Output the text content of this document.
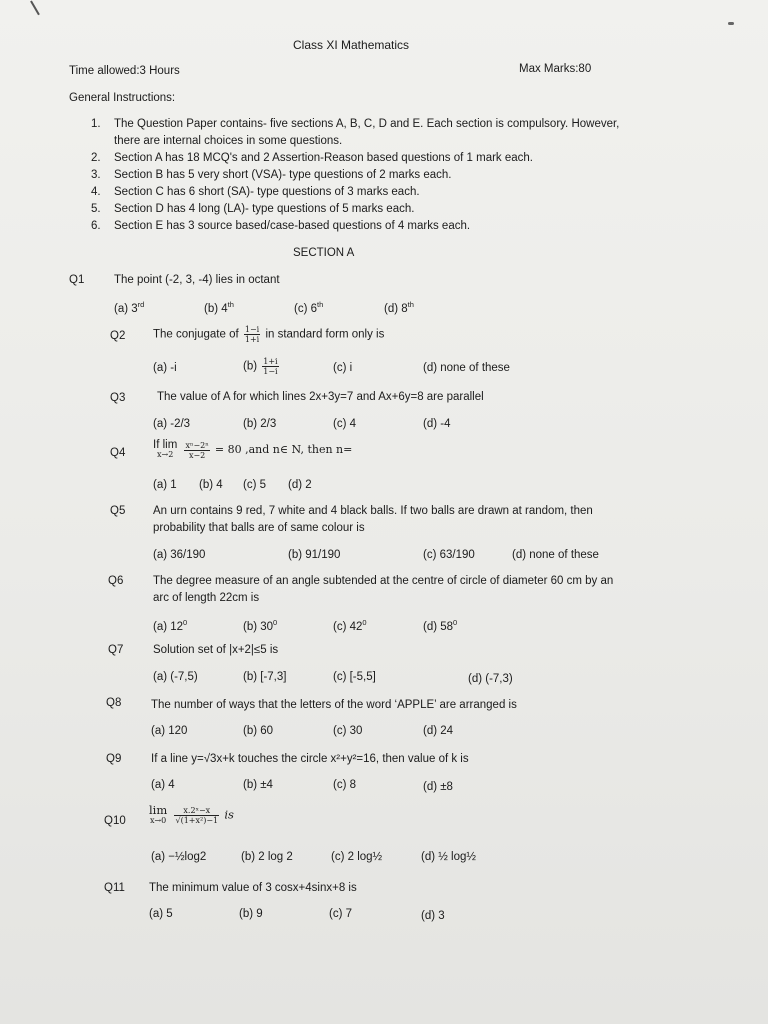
Class XI Mathematics
Time allowed:3 Hours	Max Marks:80
General Instructions:
1. The Question Paper contains- five sections A, B, C, D and E. Each section is compulsory. However,
there are internal choices in some questions.
2. Section A has 18 MCQ's and 2 Assertion-Reason based questions of 1 mark each.
3. Section B has 5 very short (VSA)- type questions of 2 marks each.
4. Section C has 6 short (SA)- type questions of 3 marks each.
5. Section D has 4 long (LA)- type questions of 5 marks each.
6. Section E has 3 source based/case-based questions of 4 marks each.
SECTION A
Q1	The point (-2, 3, -4) lies in octant
(a) 3rd	(b) 4th	(c) 6th	(d) 8th
Q2 The conjugate of $\frac{1-i}{1+i}$ in standard form only is
(a) -i	$(b) \frac{1+i}{1-i}$	(c) i	(d) none of these
Q3	The value of A for which lines 2x+3y=7 and Ax+6y=8 are parallel
(a) -2/3	(b) 2/3	(c) 4	(d) -4
Q4
If lim
x→2
	$\frac{\text{xⁿ−2ⁿ}}{x-2} = 80$ ,and n∈ N, then n=
(a) 1 (b) 4 (c) 5 (d) 2
Q5 An urn contains 9 red, 7 white and 4 black balls. If two balls are drawn at random, then
probability that balls are of same colour is
(a) 36/190	(b) 91/190	(c) 63/190	(d) none of these
Q6	The degree measure of an angle subtended at the centre of circle of diameter 60 cm by an
arc of length 22cm is
(a) $12^0$	(b) $30^0$	(c) $42^0$	(d) $58^0$
Q7	Solution set of |x+2|≤5 is
(a) (-7,5)	(b) [-7,3]	(c) [-5,5]	(d) (-7,3)
Q8	The number of ways that the letters of the word ‘APPLE’ are arranged is
(a) 120	(b) 60	(c) 30	(d) 24
Q9	If a line y=√3x+k touches the circle x²+y²=16, then value of k is
(a) 4	(b) ±4	(c) 8	(d) ±8
Q10
lim
x→0
$\frac{\text{x.2ˣ−x}}{\text{√(1+x²)−1}}$ is
(a) −½log2	(b) 2 log 2	(c) 2 log½	(d) ½ log½
Q11 The minimum value of 3 cosx+4sinx+8 is
(a) 5	(b) 9	(c) 7	(d) 3
